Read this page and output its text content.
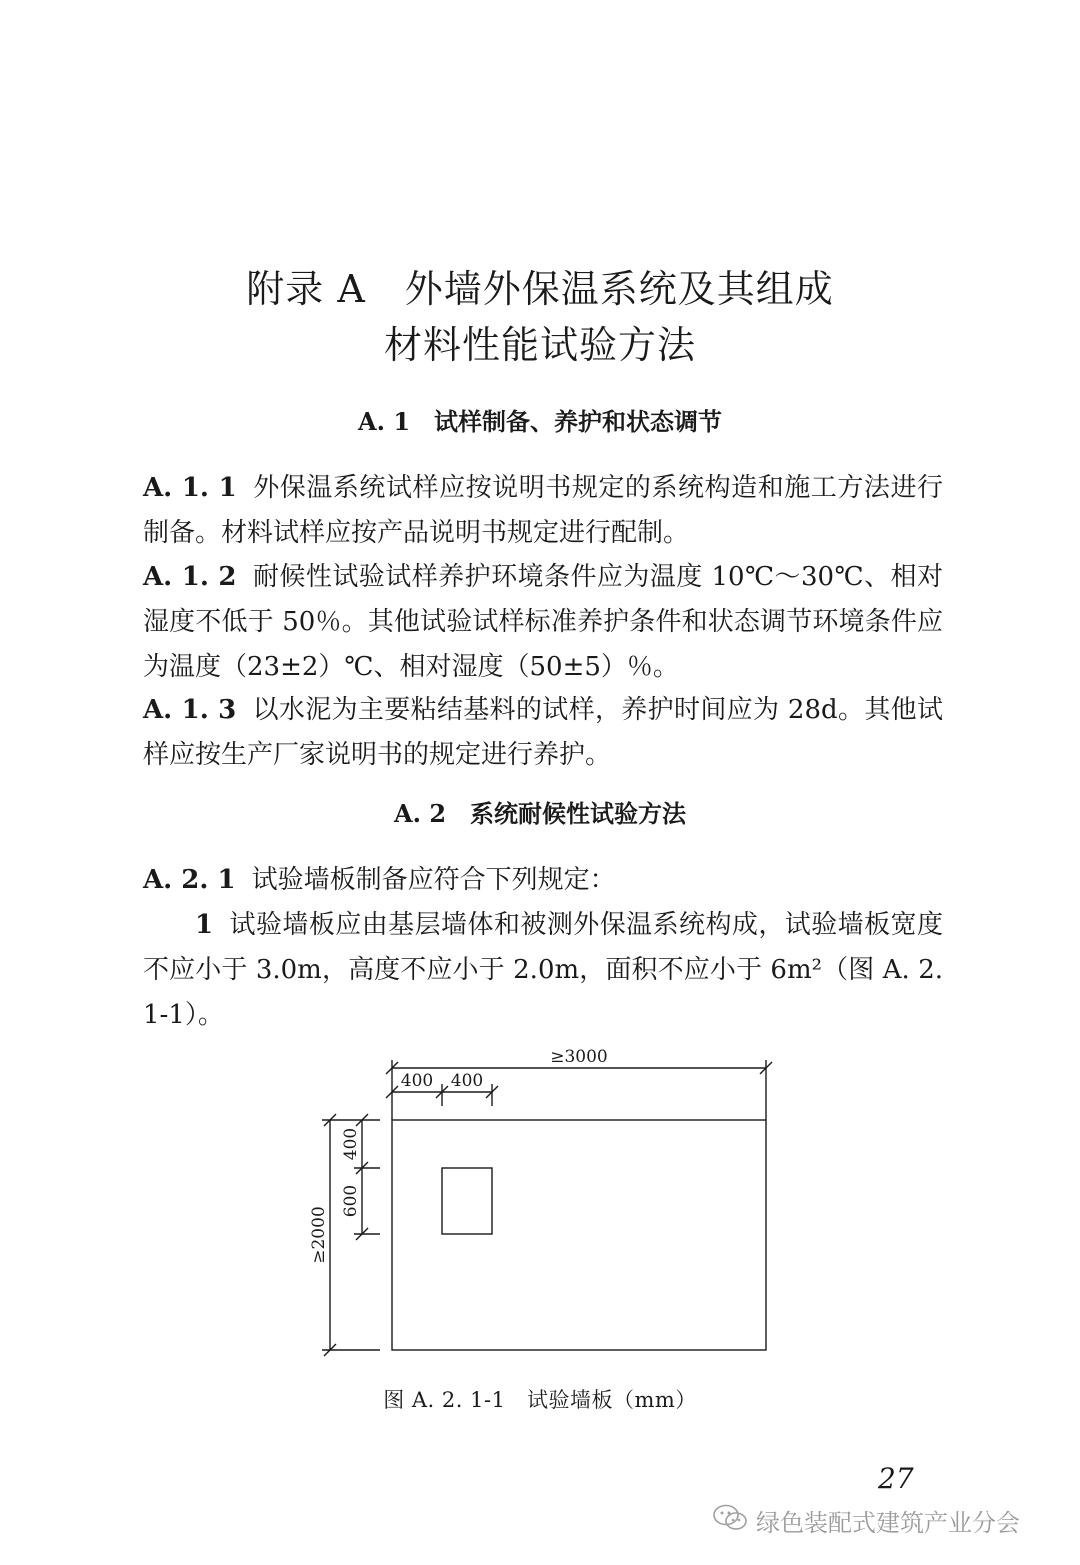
附录 A　外墙外保温系统及其组成
材料性能试验方法
A. 1　试样制备、养护和状态调节
A. 1. 1 外保温系统试样应按说明书规定的系统构造和施工方法进行制备。材料试样应按产品说明书规定进行配制。
A. 1. 2 耐候性试验试样养护环境条件应为温度 10℃～30℃、相对湿度不低于 50％。其他试验试样标准养护条件和状态调节环境条件应为温度（23±2）℃、相对湿度（50±5）％。
A. 1. 3 以水泥为主要粘结基料的试样，养护时间应为 28d。其他试样应按生产厂家说明书的规定进行养护。
A. 2　系统耐候性试验方法
A. 2. 1 试验墙板制备应符合下列规定：
1 试验墙板应由基层墙体和被测外保温系统构成，试验墙板宽度不应小于 3.0m，高度不应小于 2.0m，面积不应小于 6m²（图 A. 2. 1-1）。
≥3000
400 400
≥2000
400
600
图 A. 2. 1-1　试验墙板（mm）
27
绿色装配式建筑产业分会
